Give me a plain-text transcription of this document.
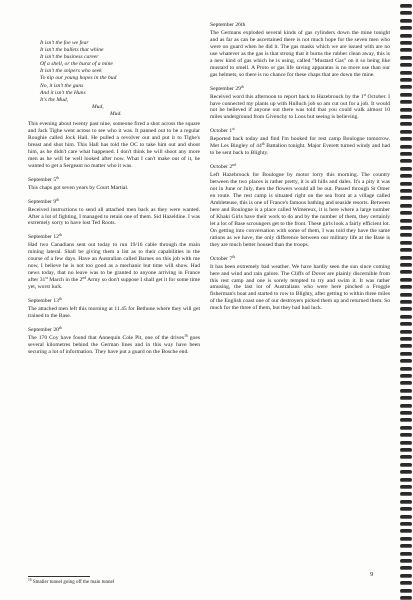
It isn't the foe we fear
It isn't the bullets that whine
It isn't the business career
Of a shell, or the burst of a mine
It isn't the snipers who seek
To nip our young hopes in the bud
No, it isn't the guns
And it isn't the Huns
It's the Mud,
Mud,
Mud.

This evening about twenty past nine, someone fired a shot across the square and Jack Tighe went across to see who it was. It panned out to be a regular Roughie called Jock Hall. He pulled a revolver out and put it to Tighe's breast and shot him. This Hall has told the OC to take him out and shoot him, as he didn't care what happened. I don't think he will shoot any more men as he will be well looked after now. What I can't make out of it, he wanted to get a Sergeant no matter who it was.

September 5th

This chaps got seven years by Court Martial.

September 9th

Received instructions to send all attached men back as they were wanted. After a lot of fighting, I managed to retain one of them. Sid Hazeldine. I was extremely sorry to have lost Ted Roots.

September 12th

Had two Canadians sent out today to run 19/16 cable through the main mining lateral. Shall be giving them a list as to their capabilities in the course of a few days. Have an Australian called Barnes on this job with me now, I believe he is not too good as a mechanic but time will show. Had news today, that no leave was to be granted to anyone arriving in France after 31st March in the 2nd Army so don't suppose I shall get it for some time yet, worst luck.

September 13th

The attached men left this morning at 11.45 for Bethune where they will get trained to the Base.

September 20th

The 170 Coy have found that Annequin Cole Pit, one of the drives$^{16}$ goes several kilometres behind the German lines and in this way have been securing a lot of information. They have put a guard on the Bosche end.

September 26th

The Germans exploded several kinds of gas cylinders down the mine tonight and as far as can be ascertained there is not much hope for the seven men who were on guard when he did it. The gas masks which we are issued with are no use whatever as the gas is that strong that it burns the rubber clean away, this is a new kind of gas which he is using, called "Mustard Gas" on it so being like mustard to smell. A Proto or gas life saving apparatus is no more use than our gas helmets, so there is no chance for these chaps that are down the mine.

September 29th

Received word this afternoon to report back to Hazebrouck by the 1st October. I have connected my plants up with Hulluch job so am cut out for a job. It would not be believed if anyone out there was told that you could walk almost 10 miles underground from Givenchy to Loos but seeing is believing.

October 1st

Reported back today and find I'm booked for rest camp Boulogne tomorrow. Met Les Bingley of 44th Battalion tonight. Major Everett turned windy and had to be sent back to Blighty.

October 2nd

Left Hazebrouck for Boulogne by motor lorry this morning. The country between the two places is rather pretty, it is all hills and dales. It's a pity it was not in June or July, then the flowers would all be out. Passed through St Omer en route. The rest camp is situated right on the sea front at a village called Ambleteuse, this is one of France's famous bathing and seaside resorts. Between here and Boulogne is a place called Wimereux, it is here where a large number of Khaki Girls have their work to do and by the number of them, they certainly let a lot of Base scroungers get to the front. These girls look a fairly efficient lot. On getting into conversation with some of them, I was told they have the same rations as we have, the only difference between our military life at the Base is they are much better housed than the troops.

October 7th

It has been extremely bad weather. We have hardly seen the sun since coming here and wind and rain galore. The Cliffs of Dover are plainly discernible from this rest camp and one is sorely tempted to try and swim it. It was rather amusing, the last lot of Australians who were here pinched a Froggie fisherman's boat and started to row to Blighty, after getting to within three miles of the English coast one of our destroyers picked them up and returned them. So much for the three of them, but they had bad luck.

$^{16}$ Smaller tunnel going off the main tunnel
9
